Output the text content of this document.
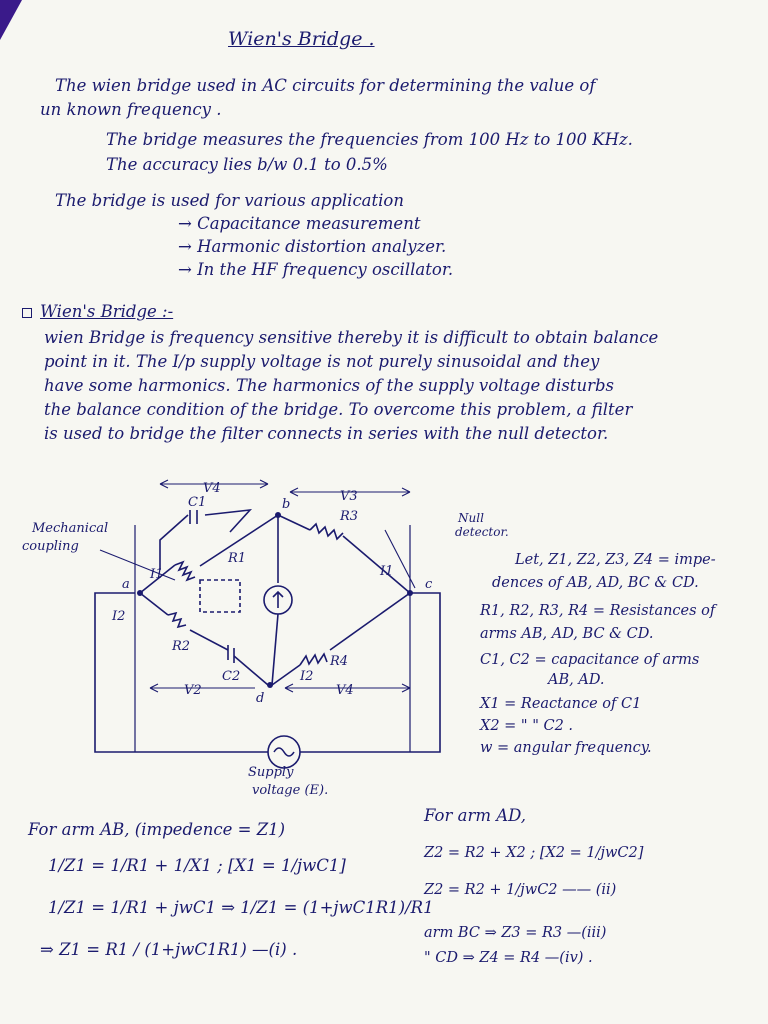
Wien's Bridge .
The wien bridge used in AC circuits for determining the value of
un known frequency .
The bridge measures the frequencies from 100 Hz to 100 KHz.
The accuracy lies b/w 0.1 to 0.5%
The bridge is used for various application
→ Capacitance measurement
→ Harmonic distortion analyzer.
→ In the HF frequency oscillator.
Wien's Bridge :-
wien Bridge is frequency sensitive thereby it is difficult to obtain balance
point in it. The I/p supply voltage is not purely sinusoidal and they
have some harmonics. The harmonics of the supply voltage disturbs
the balance condition of the bridge. To overcome this problem, a filter
is used to bridge the filter connects in series with the null detector.
V4
V3
C1
R1
R3
R2
C2
R4
a
b
c
d
I1	I1
I2
I2
V2	V4
Mechanical
coupling
Null
detector.
Supply
voltage (E).
Let, Z1, Z2, Z3, Z4 = impe-
dences of AB, AD, BC & CD.
R1, R2, R3, R4 = Resistances of
arms AB, AD, BC & CD.
C1, C2 = capacitance of arms
AB, AD.
X1 = Reactance of C1
X2 = " " C2 .
w = angular frequency.
For arm AB, (impedence = Z1)
1/Z1 = 1/R1 + 1/X1 ; [X1 = 1/jwC1]
1/Z1 = 1/R1 + jwC1 ⇒ 1/Z1 = (1+jwC1R1)/R1
⇒ Z1 = R1 / (1+jwC1R1) —(i) .
For arm AD,
Z2 = R2 + X2 ; [X2 = 1/jwC2]
Z2 = R2 + 1/jwC2 —— (ii)
arm BC ⇒ Z3 = R3 —(iii)
" CD ⇒ Z4 = R4 —(iv) .
